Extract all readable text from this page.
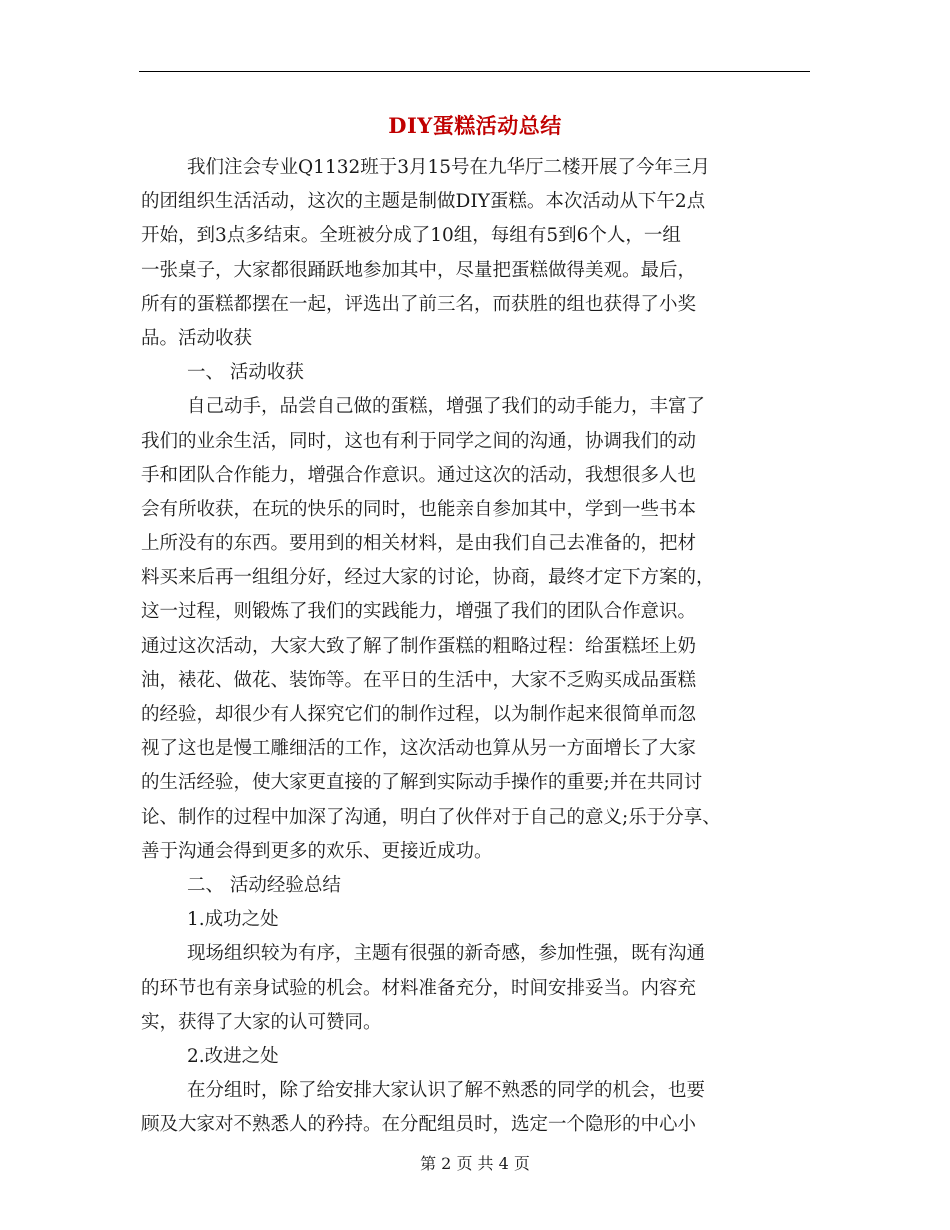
DIY蛋糕活动总结
我们注会专业Q1132班于3月15号在九华厅二楼开展了今年三月
的团组织生活活动，这次的主题是制做DIY蛋糕。本次活动从下午2点
开始，到3点多结束。全班被分成了10组，每组有5到6个人，一组
一张桌子，大家都很踊跃地参加其中，尽量把蛋糕做得美观。最后，
所有的蛋糕都摆在一起，评选出了前三名，而获胜的组也获得了小奖
品。活动收获
一、 活动收获
自己动手，品尝自己做的蛋糕，增强了我们的动手能力，丰富了
我们的业余生活，同时，这也有利于同学之间的沟通，协调我们的动
手和团队合作能力，增强合作意识。通过这次的活动，我想很多人也
会有所收获，在玩的快乐的同时，也能亲自参加其中，学到一些书本
上所没有的东西。要用到的相关材料，是由我们自己去准备的，把材
料买来后再一组组分好，经过大家的讨论，协商，最终才定下方案的，
这一过程，则锻炼了我们的实践能力，增强了我们的团队合作意识。
通过这次活动，大家大致了解了制作蛋糕的粗略过程：给蛋糕坯上奶
油，裱花、做花、装饰等。在平日的生活中，大家不乏购买成品蛋糕
的经验，却很少有人探究它们的制作过程，以为制作起来很简单而忽
视了这也是慢工雕细活的工作，这次活动也算从另一方面增长了大家
的生活经验，使大家更直接的了解到实际动手操作的重要;并在共同讨
论、制作的过程中加深了沟通，明白了伙伴对于自己的意义;乐于分享、
善于沟通会得到更多的欢乐、更接近成功。
二、 活动经验总结
1.成功之处
现场组织较为有序，主题有很强的新奇感，参加性强，既有沟通
的环节也有亲身试验的机会。材料准备充分，时间安排妥当。内容充
实，获得了大家的认可赞同。
2.改进之处
在分组时，除了给安排大家认识了解不熟悉的同学的机会，也要
顾及大家对不熟悉人的矜持。在分配组员时，选定一个隐形的中心小
第 2 页 共 4 页
